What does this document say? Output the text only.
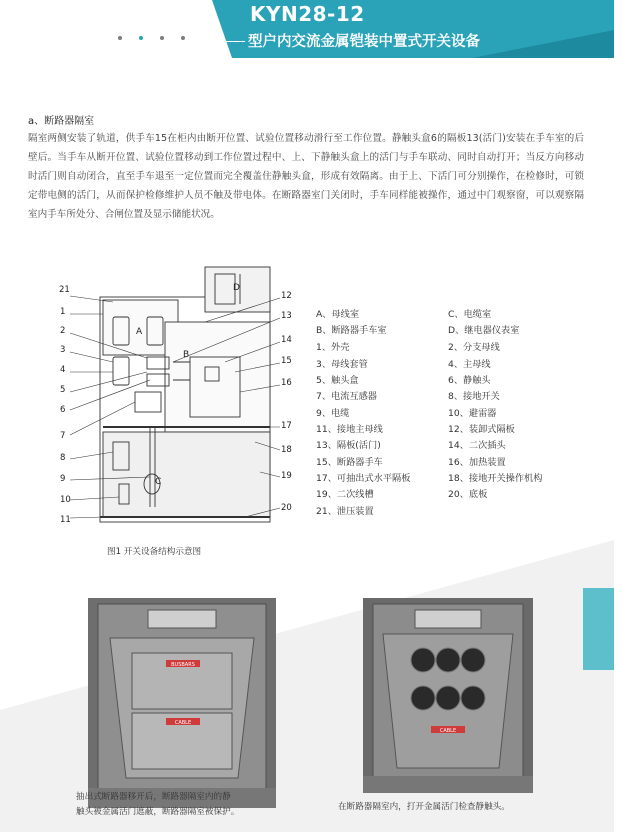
KYN28-12
型户内交流金属铠装中置式开关设备
a、断路器隔室
隔室两侧安装了轨道，供手车15在柜内由断开位置、试验位置移动滑行至工作位置。静触头盒6的隔板13(活门)安装在手车室的后壁后。当手车从断开位置、试验位置移动到工作位置过程中、上、下静触头盒上的活门与手车联动、同时自动打开；当反方向移动时活门则自动闭合，直至手车退至一定位置而完全覆盖住静触头盒，形成有效隔离。由于上、下活门可分别操作，在检修时，可锁定带电侧的活门，从而保护检修维护人员不触及带电体。在断路器室门关闭时，手车同样能被操作，通过中门观察窗，可以观察隔室内手车所处分、合闸位置及显示储能状况。
A
B
C
D
21
1
2
3
4
5
6
7
8
9
10
11
12
13
14
15
16
17
18
19
20
图1 开关设备结构示意图
A、母线室	C、电缆室
B、断路器手车室	D、继电器仪表室
1、外壳	2、分支母线
3、母线套管	4、主母线
5、触头盒	6、静触头
7、电流互感器	8、接地开关
9、电缆	10、避雷器
11、接地主母线	12、装卸式隔板
13、隔板(活门)	14、二次插头
15、断路器手车	16、加热装置
17、可抽出式水平隔板	18、接地开关操作机构
19、二次线槽	20、底板
21、泄压装置
BUSBARS
CABLE
抽出式断路器移开后，断路器隔室内的静
触头被金属活门遮蔽，断路器隔室被保护。
CABLE
在断路器隔室内，打开金属活门检查静触头。
高压开关设备
